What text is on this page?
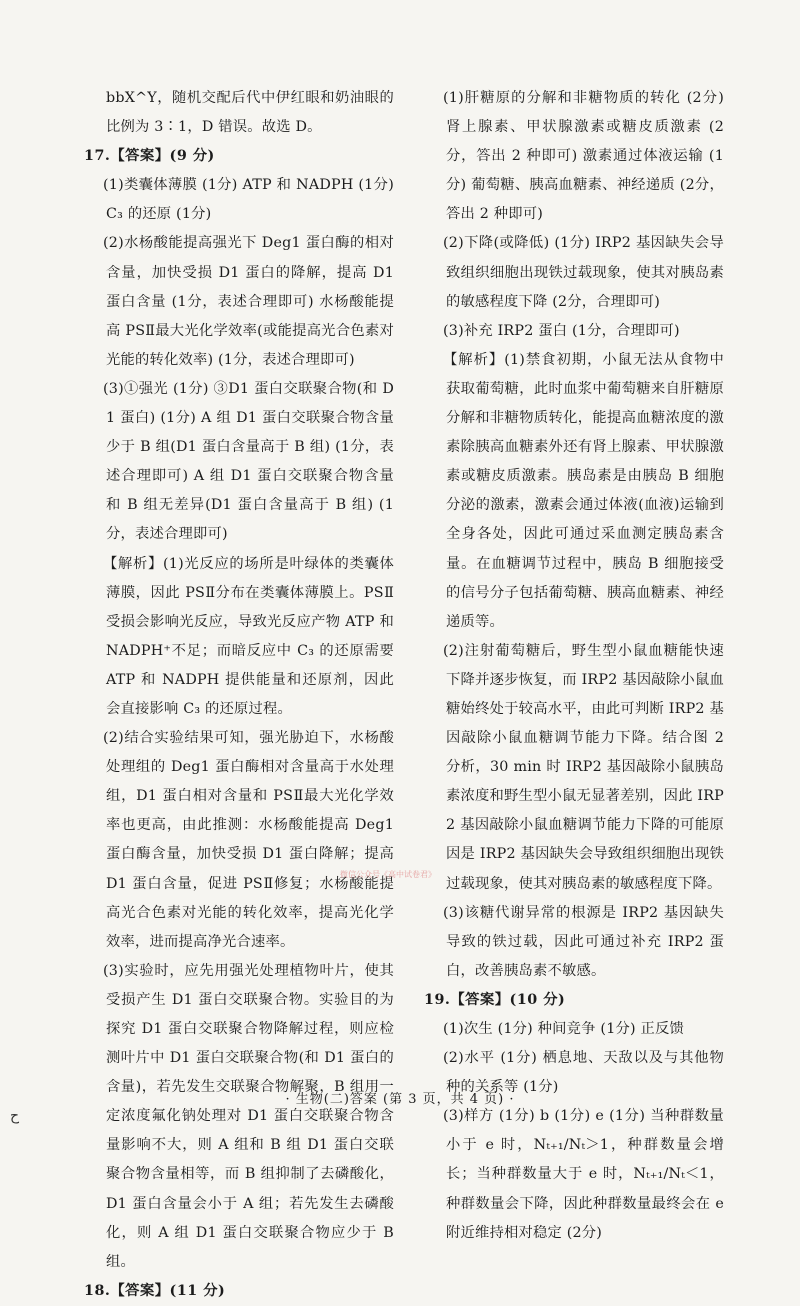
bbX^Y，随机交配后代中伊红眼和奶油眼的比例为 3∶1，D 错误。故选 D。

17.【答案】(9 分)

(1)类囊体薄膜 (1分) ATP 和 NADPH (1分) C₃ 的还原 (1分)

(2)水杨酸能提高强光下 Deg1 蛋白酶的相对含量，加快受损 D1 蛋白的降解，提高 D1 蛋白含量 (1分，表述合理即可) 水杨酸能提高 PSⅡ最大光化学效率(或能提高光合色素对光能的转化效率) (1分，表述合理即可)

(3)①强光 (1分) ③D1 蛋白交联聚合物(和 D1 蛋白) (1分) A 组 D1 蛋白交联聚合物含量少于 B 组(D1 蛋白含量高于 B 组) (1分，表述合理即可) A 组 D1 蛋白交联聚合物含量和 B 组无差异(D1 蛋白含量高于 B 组) (1分，表述合理即可)

【解析】(1)光反应的场所是叶绿体的类囊体薄膜，因此 PSⅡ分布在类囊体薄膜上。PSⅡ受损会影响光反应，导致光反应产物 ATP 和 NADPH⁺不足；而暗反应中 C₃ 的还原需要 ATP 和 NADPH 提供能量和还原剂，因此会直接影响 C₃ 的还原过程。

(2)结合实验结果可知，强光胁迫下，水杨酸处理组的 Deg1 蛋白酶相对含量高于水处理组，D1 蛋白相对含量和 PSⅡ最大光化学效率也更高，由此推测：水杨酸能提高 Deg1 蛋白酶含量，加快受损 D1 蛋白降解；提高 D1 蛋白含量，促进 PSⅡ修复；水杨酸能提高光合色素对光能的转化效率，提高光化学效率，进而提高净光合速率。

(3)实验时，应先用强光处理植物叶片，使其受损产生 D1 蛋白交联聚合物。实验目的为探究 D1 蛋白交联聚合物降解过程，则应检测叶片中 D1 蛋白交联聚合物(和 D1 蛋白的含量)，若先发生交联聚合物解聚，B 组用一定浓度氟化钠处理对 D1 蛋白交联聚合物含量影响不大，则 A 组和 B 组 D1 蛋白交联聚合物含量相等，而 B 组抑制了去磷酸化，D1 蛋白含量会小于 A 组；若先发生去磷酸化，则 A 组 D1 蛋白交联聚合物应少于 B 组。

18.【答案】(11 分)

(1)肝糖原的分解和非糖物质的转化 (2分) 肾上腺素、甲状腺激素或糖皮质激素 (2分，答出 2 种即可) 激素通过体液运输 (1分) 葡萄糖、胰高血糖素、神经递质 (2分，答出 2 种即可)

(2)下降(或降低) (1分) IRP2 基因缺失会导致组织细胞出现铁过载现象，使其对胰岛素的敏感程度下降 (2分，合理即可)

(3)补充 IRP2 蛋白 (1分，合理即可)

【解析】(1)禁食初期，小鼠无法从食物中获取葡萄糖，此时血浆中葡萄糖来自肝糖原分解和非糖物质转化，能提高血糖浓度的激素除胰高血糖素外还有肾上腺素、甲状腺激素或糖皮质激素。胰岛素是由胰岛 B 细胞分泌的激素，激素会通过体液(血液)运输到全身各处，因此可通过采血测定胰岛素含量。在血糖调节过程中，胰岛 B 细胞接受的信号分子包括葡萄糖、胰高血糖素、神经递质等。

(2)注射葡萄糖后，野生型小鼠血糖能快速下降并逐步恢复，而 IRP2 基因敲除小鼠血糖始终处于较高水平，由此可判断 IRP2 基因敲除小鼠血糖调节能力下降。结合图 2 分析，30 min 时 IRP2 基因敲除小鼠胰岛素浓度和野生型小鼠无显著差别，因此 IRP2 基因敲除小鼠血糖调节能力下降的可能原因是 IRP2 基因缺失会导致组织细胞出现铁过载现象，使其对胰岛素的敏感程度下降。

(3)该糖代谢异常的根源是 IRP2 基因缺失导致的铁过载，因此可通过补充 IRP2 蛋白，改善胰岛素不敏感。

19.【答案】(10 分)

(1)次生 (1分) 种间竞争 (1分) 正反馈

(2)水平 (1分) 栖息地、天敌以及与其他物种的关系等 (1分)

(3)样方 (1分) b (1分) e (1分) 当种群数量小于 e 时，Nₜ₊₁/Nₜ＞1，种群数量会增长；当种群数量大于 e 时，Nₜ₊₁/Nₜ＜1，种群数量会下降，因此种群数量最终会在 e 附近维持相对稳定 (2分)

微信公众号《高中试卷君》
· 生物(二)答案 (第 3 页，共 4 页) ·
ح
